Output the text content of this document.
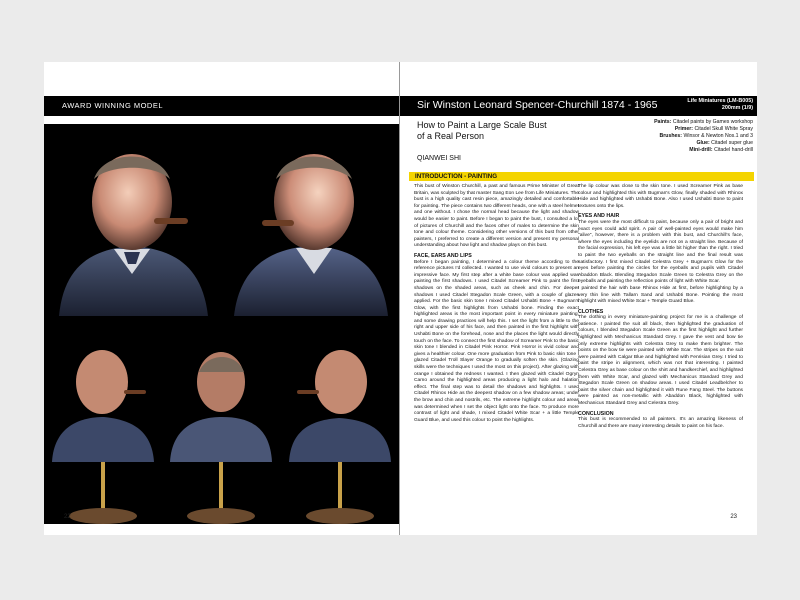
AWARD WINNING MODEL
22
Sir Winston Leonard Spencer-Churchill 1874 - 1965	Life Miniatures (LM-B005)
200mm (1/9)
How to Paint a Large Scale Bust
of a Real Person
Paints: Citadel paints by Games workshop
Primer: Citadel Skull White Spray
Brushes: Winsor & Newton Nos.1 and 3
Glue: Citadel super glue
Mini-drill: Citadel hand-drill
QIANWEI SHI
INTRODUCTION - PAINTING

This bust of Winston Churchill, a past and famous Prime Minister of Great Britain, was sculpted by that master Sang Eon Lee from Life Miniatures. The bust is a high quality cast resin piece, amazingly detailed and comfortable for painting. The piece contains two different heads, one with a steel helmet and one without. I chose the normal head because the light and shadow would be easier to paint. Before I began to paint the bust, I consulted a lot of pictures of Churchill and the faces other of males to determine the skin tone and colour theme. Considering other versions of this bust from other painters, I preferred to create a different version and present my personal understanding about how light and shadow plays on this bust.

FACE, EARS AND LIPS

Before I began painting, I determined a colour theme according to the reference pictures I'd collected. I wanted to use vivid colours to present an impressive face. My first step after a white base colour was applied was painting the first shadows. I used Citadel Screamer Pink to paint the first shadows on the shaded areas, such as cheek and chin. For deeper shadows I used Citadel Stegadon Scale Green, with a couple of glazes applied. For the basic skin tone I mixed Citadel Ushabti Bone + Bugman's Glow, with the first highlights from Ushabti bone. Finding the exact highlighted areas is the most important point in every miniature painting, and some drawing practices will help this. I set the light from a little to the right and upper side of his face, and then painted in the first highlight with Ushabti Bone on the forehead, nose and the places the light would directly touch on the face. To connect the first shadow of Screamer Pink to the basic skin tone I blended in Citadel Pink Horror. Pink Horror is vivid colour and gives a healthier colour. One more graduation from Pink to basic skin tone I glazed Citadel Troll Slayer Orange to gradually soften the skin. (Glazing skills were the techniques I used the most on this project). After glazing with orange I obtained the redness I wanted. I then glazed with Citadel Ogryn Camo around the highlighted areas producing a light halo and halation effect. The final step was to detail the shadows and highlights. I used Citadel Rhinox Hide as the deepest shadow on a few shadow areas; under the brow and chin and nostrils, etc. The extreme highlight colour and areas was determined when I set the object light onto the face. To produce more contrast of light and shade, I mixed Citadel White Scar + a little Temple Guard Blue, and used this colour to point the highlights.

The lip colour was close to the skin tone. I used Screamer Pink as base colour and highlighted this with Bugman's Glow, finally shaded with Rhinox Hide and highlighted with Ushabti Bone. Also I used Ushabti Bone to paint textures onto the lips.

EYES AND HAIR

The eyes were the most difficult to paint, because only a pair of bright and exact eyes could add spirit. A pair of well-painted eyes would make him "alive", however, there is a problem with this bust, and Churchill's face, where the eyes including the eyelids are not on a straight line. Because of the facial expression, his left eye was a little bit higher than the right. I tried to paint the two eyeballs on the straight line and the final result was satisfactory. I first mixed Citadel Celestra Grey + Bugman's Glow for the eyes before painting the circles for the eyeballs and pupils with Citadel Abaddon Black. Blending Stegadon Scale Green to Celestra Grey on the eyeballs and painting the reflection points of light with White Scar.

I painted the hair with base Rhinox Hide at first, before highlighting by a very thin line with Tallarn Sand and Ushabti Bone. Pointing the most highlight with mixed White Scar + Temple Guard Blue.

CLOTHES

The clothing in every miniature-painting project for me is a challenge of patience. I painted the suit all black, then highlighted the graduation of colours, I blended Stegadon Scale Green as the first highlight and further highlighted with Mechanicus Standard Grey. I gave the vest and bow tie only extreme highlights with Celestra Grey to make them brighter. The points on the bow tie were painted with White Scar. The stripes on the suit were painted with Calgar Blue and highlighted with Fenrisian Grey. I tried to paint the stripe in alignment, which was not that interesting. I painted Celestra Grey as base colour on the shirt and handkerchief, and highlighted them with White Scar, and glazed with Mechanicus Standard Grey and Stegadon Scale Green on shadow areas. I used Citadel Leadbelcher to paint the silver chain and highlighted it with Rune Fang Steel. The buttons were painted as non-metallic with Abaddon Black, highlighted with Mechanicus Standard Grey and Celestra Grey.

CONCLUSION

This bust is recommended to all painters. It's an amazing likeness of Churchill and there are many interesting details to paint on his face.

23
